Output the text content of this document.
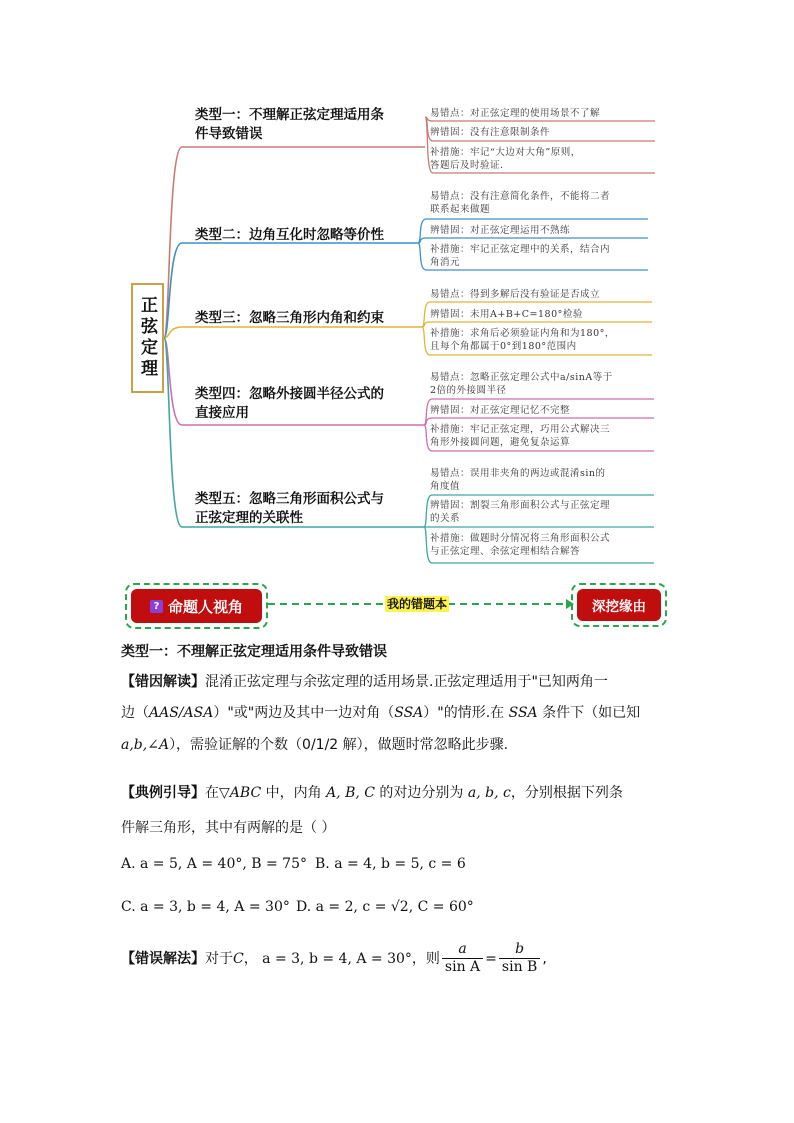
正弦定理
类型一：不理解正弦定理适用条
件导致错误
易错点：对正弦定理的使用场景不了解
辨错固：没有注意限制条件
补措施：牢记“大边对大角”原则，
答题后及时验证.
类型二：边角互化时忽略等价性
易错点：没有注意简化条件，不能将二者
联系起来做题
辨错固：对正弦定理运用不熟练
补措施：牢记正弦定理中的关系，结合内
角消元
类型三：忽略三角形内角和约束
易错点：得到多解后没有验证是否成立
辨错固：未用A+B+C=180°检验
补措施：求角后必须验证内角和为180°，
且每个角都属于0°到180°范围内
类型四：忽略外接圆半径公式的
直接应用
易错点：忽略正弦定理公式中a/sinA等于
2倍的外接圆半径
辨错固：对正弦定理记忆不完整
补措施：牢记正弦定理，巧用公式解决三
角形外接圆问题，避免复杂运算
类型五：忽略三角形面积公式与
正弦定理的关联性
易错点：误用非夹角的两边或混淆sin的
角度值
辨错固：割裂三角形面积公式与正弦定理
的关系
补措施：做题时分情况将三角形面积公式
与正弦定理、余弦定理相结合解答
? 命题人视角	我的错题本	深挖缘由
类型一：不理解正弦定理适用条件导致错误
【错因解读】混淆正弦定理与余弦定理的适用场景.正弦定理适用于"已知两角一
边（AAS/ASA）"或"两边及其中一边对角（SSA）"的情形.在 SSA 条件下（如已知
a,b,∠A），需验证解的个数（0/1/2 解），做题时常忽略此步骤.
【典例引导】在▽ABC 中，内角 A, B, C 的对边分别为 a, b, c，分别根据下列条
件解三角形，其中有两解的是（ ）
A. a = 5, A = 40°, B = 75° B. a = 4, b = 5, c = 6
C. a = 3, b = 4, A = 30° D. a = 2, c = √2, C = 60°
【错误解法】 对于 C ， a = 3, b = 4, A = 30°，则 $\frac{a}{\text{sin A}} = \frac{b}{\text{sin B}}$ ,
